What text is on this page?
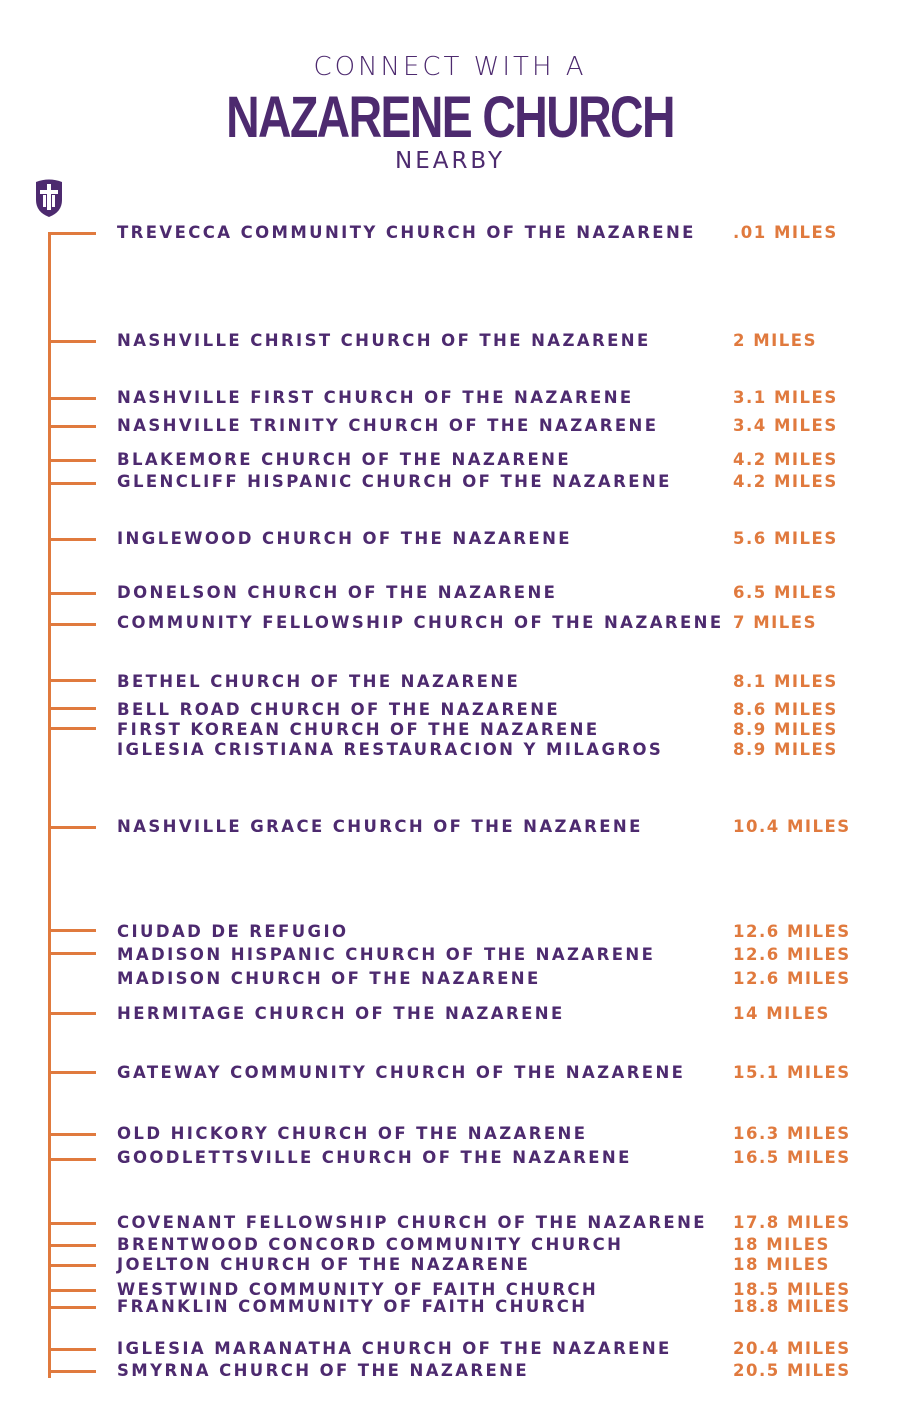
CONNECT WITH A
NAZARENE CHURCH
NEARBY
TREVECCA COMMUNITY CHURCH OF THE NAZARENE .01 MILES
NASHVILLE CHRIST CHURCH OF THE NAZARENE	2 MILES
NASHVILLE FIRST CHURCH OF THE NAZARENE	3.1 MILES
NASHVILLE TRINITY CHURCH OF THE NAZARENE	3.4 MILES
BLAKEMORE CHURCH OF THE NAZARENE	4.2 MILES
GLENCLIFF HISPANIC CHURCH OF THE NAZARENE	4.2 MILES
INGLEWOOD CHURCH OF THE NAZARENE	5.6 MILES
DONELSON CHURCH OF THE NAZARENE	6.5 MILES
COMMUNITY FELLOWSHIP CHURCH OF THE NAZARENE 7 MILES
BETHEL CHURCH OF THE NAZARENE	8.1 MILES
BELL ROAD CHURCH OF THE NAZARENE	8.6 MILES
FIRST KOREAN CHURCH OF THE NAZARENE	8.9 MILES
IGLESIA CRISTIANA RESTAURACION Y MILAGROS	8.9 MILES
NASHVILLE GRACE CHURCH OF THE NAZARENE	10.4 MILES
CIUDAD DE REFUGIO	12.6 MILES
MADISON HISPANIC CHURCH OF THE NAZARENE	12.6 MILES
MADISON CHURCH OF THE NAZARENE	12.6 MILES
HERMITAGE CHURCH OF THE NAZARENE	14 MILES
GATEWAY COMMUNITY CHURCH OF THE NAZARENE	15.1 MILES
OLD HICKORY CHURCH OF THE NAZARENE	16.3 MILES
GOODLETTSVILLE CHURCH OF THE NAZARENE	16.5 MILES
COVENANT FELLOWSHIP CHURCH OF THE NAZARENE 17.8 MILES
BRENTWOOD CONCORD COMMUNITY CHURCH	18 MILES
JOELTON CHURCH OF THE NAZARENE	18 MILES
WESTWIND COMMUNITY OF FAITH CHURCH	18.5 MILES
FRANKLIN COMMUNITY OF FAITH CHURCH	18.8 MILES
IGLESIA MARANATHA CHURCH OF THE NAZARENE	20.4 MILES
SMYRNA CHURCH OF THE NAZARENE	20.5 MILES
